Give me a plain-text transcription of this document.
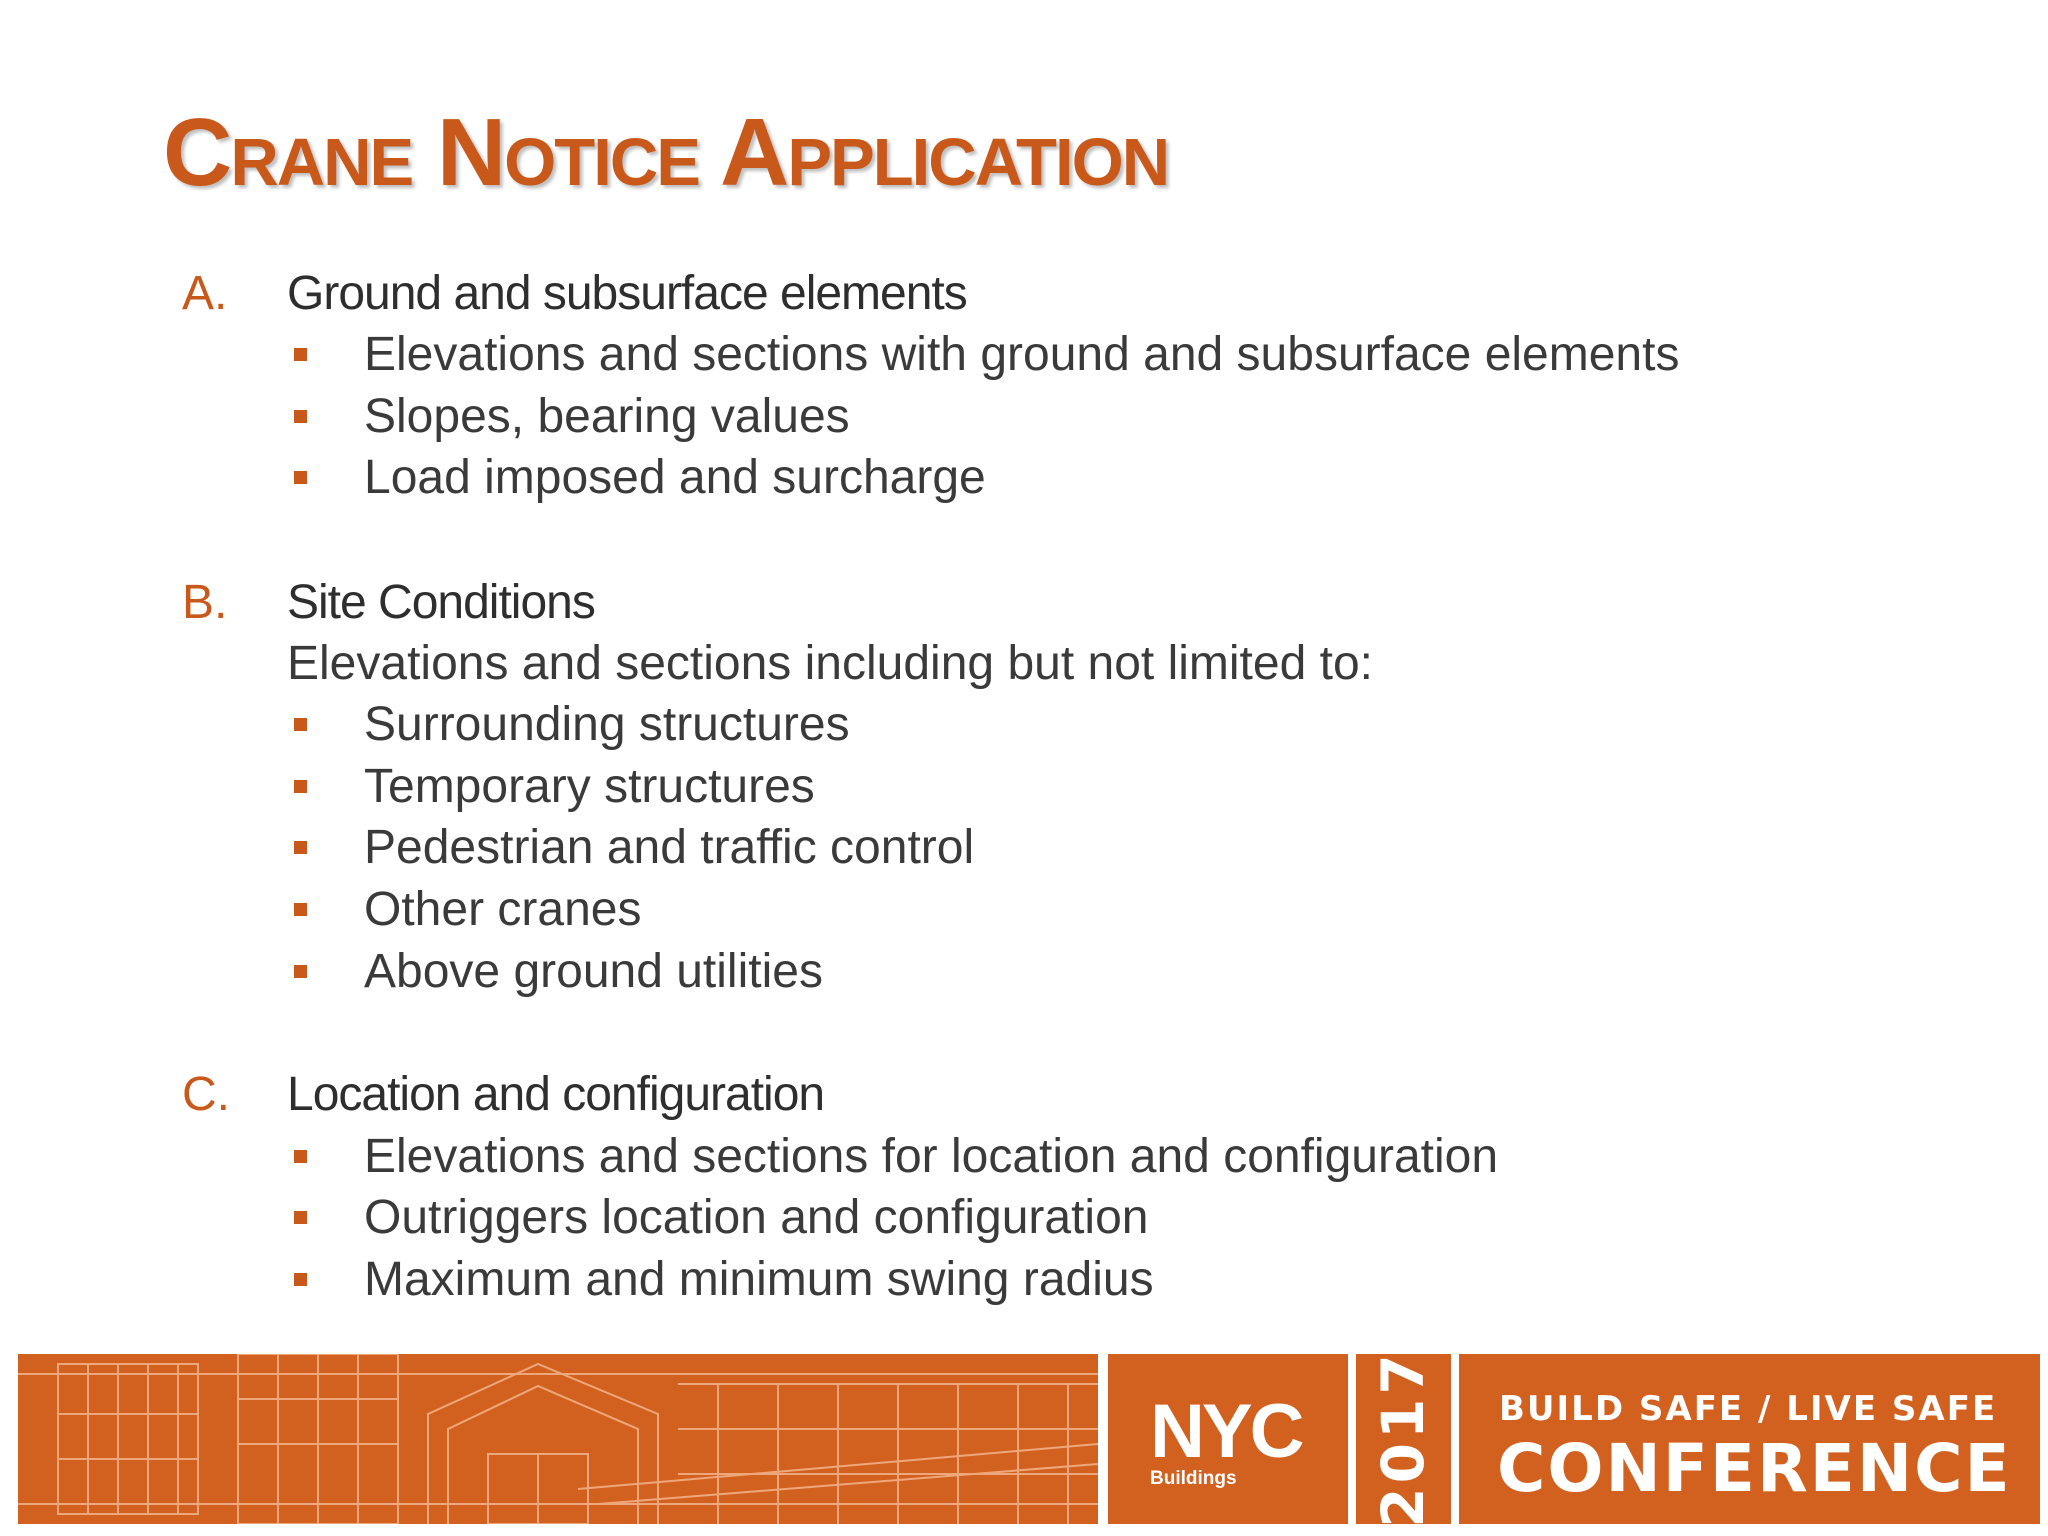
Crane Notice Application
A. Ground and subsurface elements
Elevations and sections with ground and subsurface elements
Slopes, bearing values
Load imposed and surcharge
B. Site Conditions
Elevations and sections including but not limited to:
Surrounding structures
Temporary structures
Pedestrian and traffic control
Other cranes
Above ground utilities
C. Location and configuration
Elevations and sections for location and configuration
Outriggers location and configuration
Maximum and minimum swing radius
NYC
Buildings 2017 BUILD SAFE / LIVE SAFE
CONFERENCE
